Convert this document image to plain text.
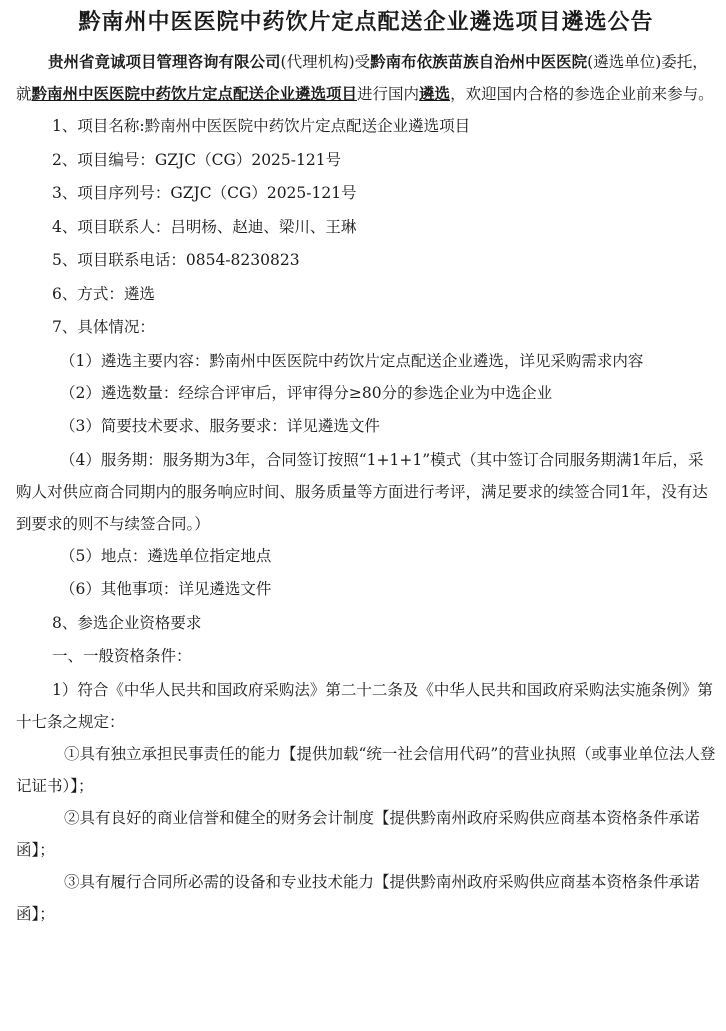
黔南州中医医院中药饮片定点配送企业遴选项目遴选公告

贵州省竟诚项目管理咨询有限公司(代理机构)受黔南布依族苗族自治州中医医院(遴选单位)委托，就黔南州中医医院中药饮片定点配送企业遴选项目进行国内遴选，欢迎国内合格的参选企业前来参与。

1、项目名称:黔南州中医医院中药饮片定点配送企业遴选项目

2、项目编号：GZJC（CG）2025-121号

3、项目序列号：GZJC（CG）2025-121号

4、项目联系人：吕明杨、赵迪、梁川、王琳

5、项目联系电话：0854-8230823

6、方式：遴选

7、具体情况：

（1）遴选主要内容：黔南州中医医院中药饮片定点配送企业遴选，详见采购需求内容

（2）遴选数量：经综合评审后，评审得分≥80分的参选企业为中选企业

（3）简要技术要求、服务要求：详见遴选文件

（4）服务期：服务期为3年，合同签订按照“1+1+1”模式（其中签订合同服务期满1年后，采购人对供应商合同期内的服务响应时间、服务质量等方面进行考评，满足要求的续签合同1年，没有达到要求的则不与续签合同。）

（5）地点：遴选单位指定地点

（6）其他事项：详见遴选文件

8、参选企业资格要求

一、一般资格条件：

1）符合《中华人民共和国政府采购法》第二十二条及《中华人民共和国政府采购法实施条例》第十七条之规定：

①具有独立承担民事责任的能力【提供加载“统一社会信用代码”的营业执照（或事业单位法人登记证书）】；

②具有良好的商业信誉和健全的财务会计制度【提供黔南州政府采购供应商基本资格条件承诺函】；

③具有履行合同所必需的设备和专业技术能力【提供黔南州政府采购供应商基本资格条件承诺函】；
